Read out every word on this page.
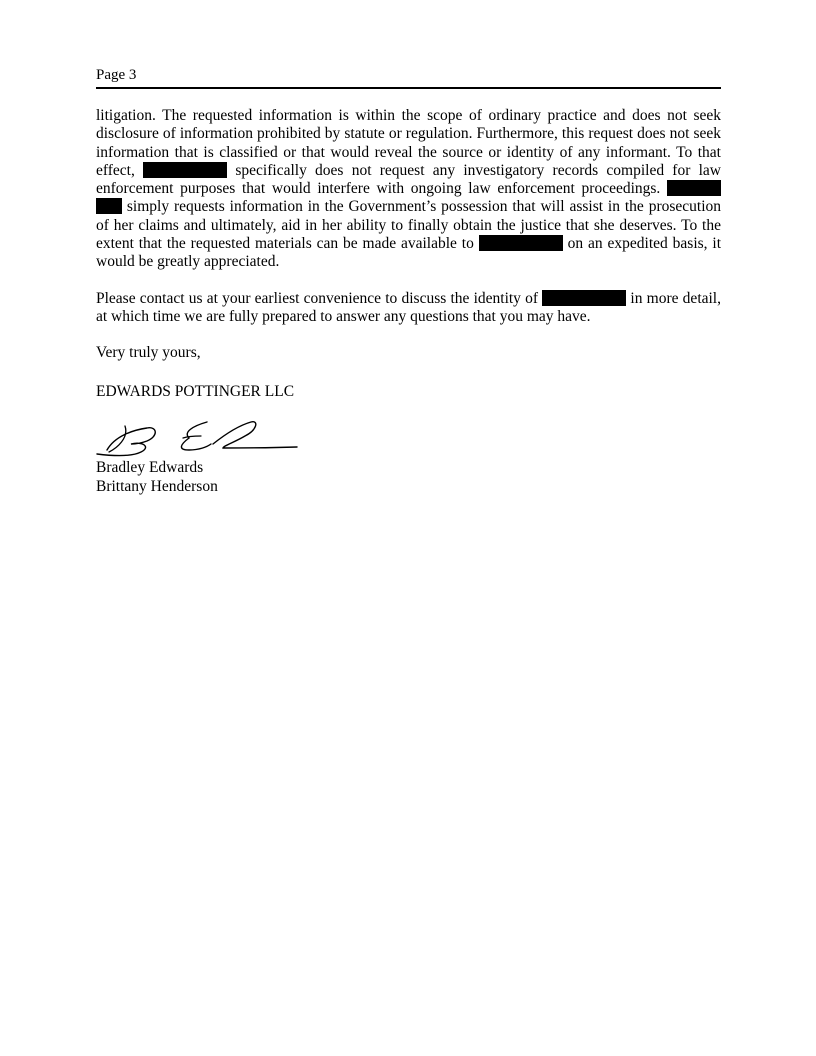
Page 3

litigation. The requested information is within the scope of ordinary practice and does not seek disclosure of information prohibited by statute or regulation. Furthermore, this request does not seek information that is classified or that would reveal the source or identity of any informant. To that effect,	specifically does not request any investigatory records compiled for law enforcement purposes that would interfere with ongoing law enforcement proceedings.   simply requests information in the Government’s possession that will assist in the prosecution of her claims and ultimately, aid in her ability to finally obtain the justice that she deserves. To the extent that the requested materials can be made available to	on an expedited basis, it would be greatly appreciated.

Please contact us at your earliest convenience to discuss the identity of	in more detail, at which time we are fully prepared to answer any questions that you may have.

Very truly yours,

EDWARDS POTTINGER LLC

Bradley Edwards
Brittany Henderson
